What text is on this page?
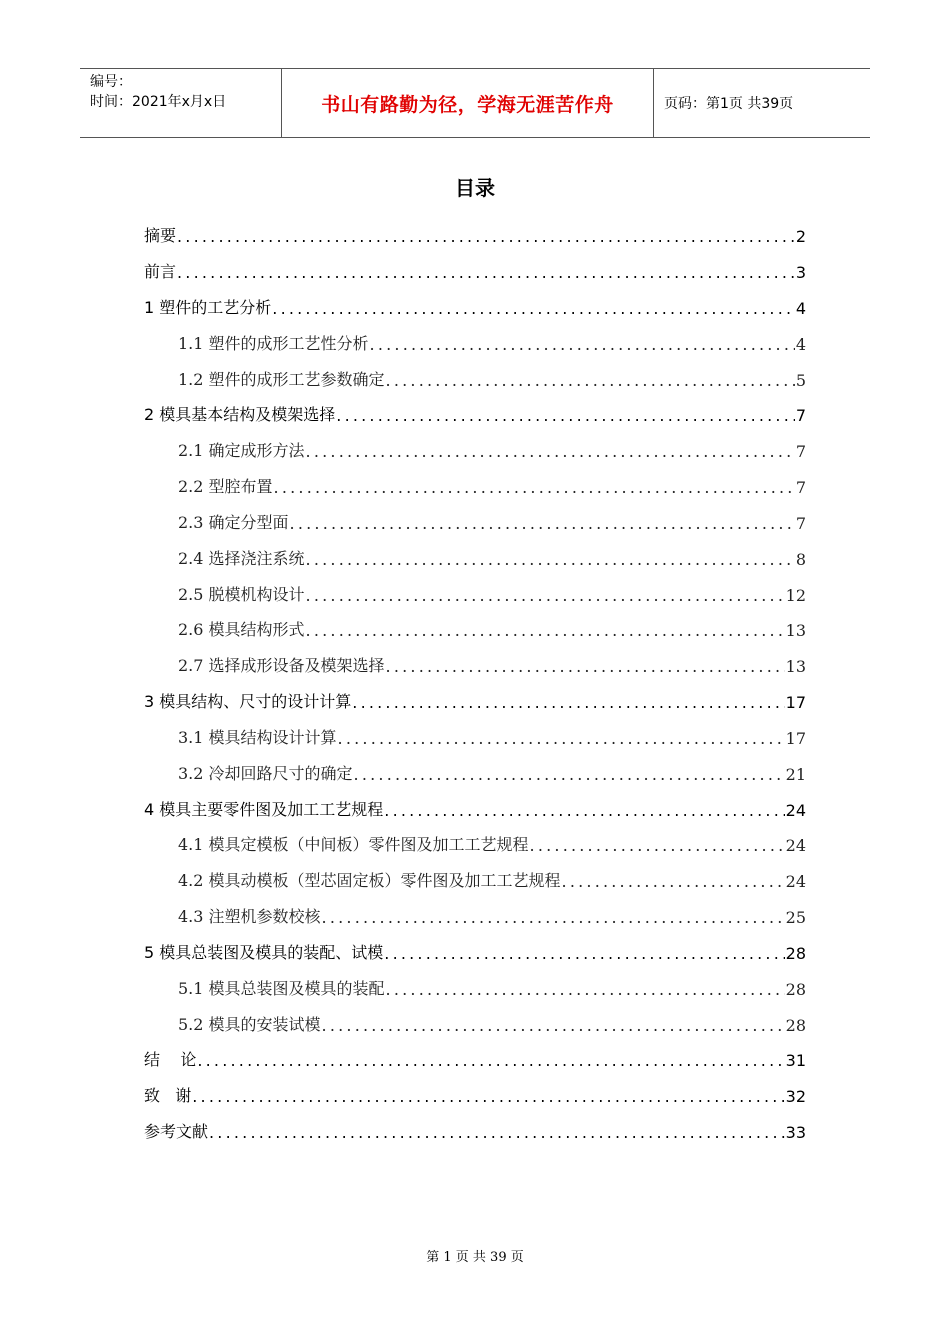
编号：
时间：2021年x月x日	书山有路勤为径，学海无涯苦作舟	页码：第1页 共39页
目录
摘要 .....	2
前言 .....	3
1 塑件的工艺分析 .....	4
1.1 塑件的成形工艺性分析 .....	4
1.2 塑件的成形工艺参数确定 .....	5
2 模具基本结构及模架选择 .....	7
2.1 确定成形方法 .....	7
2.2 型腔布置 .....	7
2.3 确定分型面 .....	7
2.4 选择浇注系统 .....	8
2.5 脱模机构设计 .....	12
2.6 模具结构形式 .....	13
2.7 选择成形设备及模架选择 .....	13
3 模具结构、尺寸的设计计算 .....	17
3.1 模具结构设计计算 .....	17
3.2 冷却回路尺寸的确定 .....	21
4 模具主要零件图及加工工艺规程 .....	24
4.1 模具定模板（中间板）零件图及加工工艺规程 .....	24
4.2 模具动模板（型芯固定板）零件图及加工工艺规程 .....	24
4.3 注塑机参数校核 .....	25
5 模具总装图及模具的装配、试模 .....	28
5.1 模具总装图及模具的装配 .....	28
5.2 模具的安装试模 .....	28
结    论 .....	31
致   谢 .....	32
参考文献 .....	33
第 1 页 共 39 页
